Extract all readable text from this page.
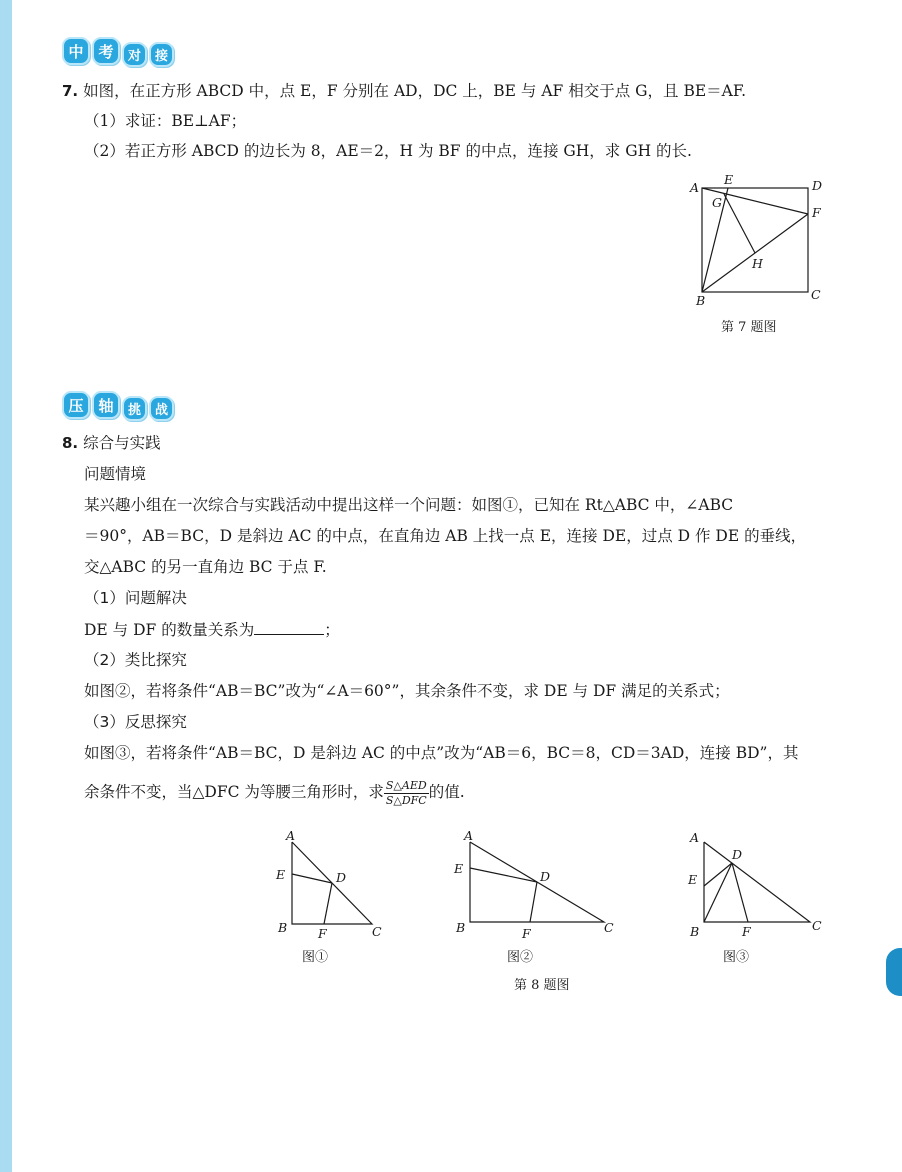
中 考	对	接
7. 如图，在正方形 ABCD 中，点 E，F 分别在 AD，DC 上，BE 与 AF 相交于点 G，且 BE＝AF.
（1）求证：BE⊥AF；
（2）若正方形 ABCD 的边长为 8，AE＝2，H 为 BF 的中点，连接 GH，求 GH 的长.
A
E	D
F
G
H
B	C
第 7 题图
压 轴	挑	战
8. 综合与实践
问题情境
某兴趣小组在一次综合与实践活动中提出这样一个问题：如图①，已知在 Rt△ABC 中，∠ABC
＝90°，AB＝BC，D 是斜边 AC 的中点，在直角边 AB 上找一点 E，连接 DE，过点 D 作 DE 的垂线，
交△ABC 的另一直角边 BC 于点 F.
（1）问题解决
DE 与 DF 的数量关系为	；
（2）类比探究
如图②，若将条件“AB＝BC”改为“∠A＝60°”，其余条件不变，求 DE 与 DF 满足的关系式；
（3）反思探究
如图③，若将条件“AB＝BC，D 是斜边 AC 的中点”改为“AB＝6，BC＝8，CD＝3AD，连接 BD”，其
余条件不变，当△DFC 为等腰三角形时，求 $\frac{\text{S△AED}}{\text{S△DFC}}$ 的值.
A
E	D
B F	C
图①
A
E
D
B	F	C
图②
A
D
E
B	F	C
图③
第 8 题图
